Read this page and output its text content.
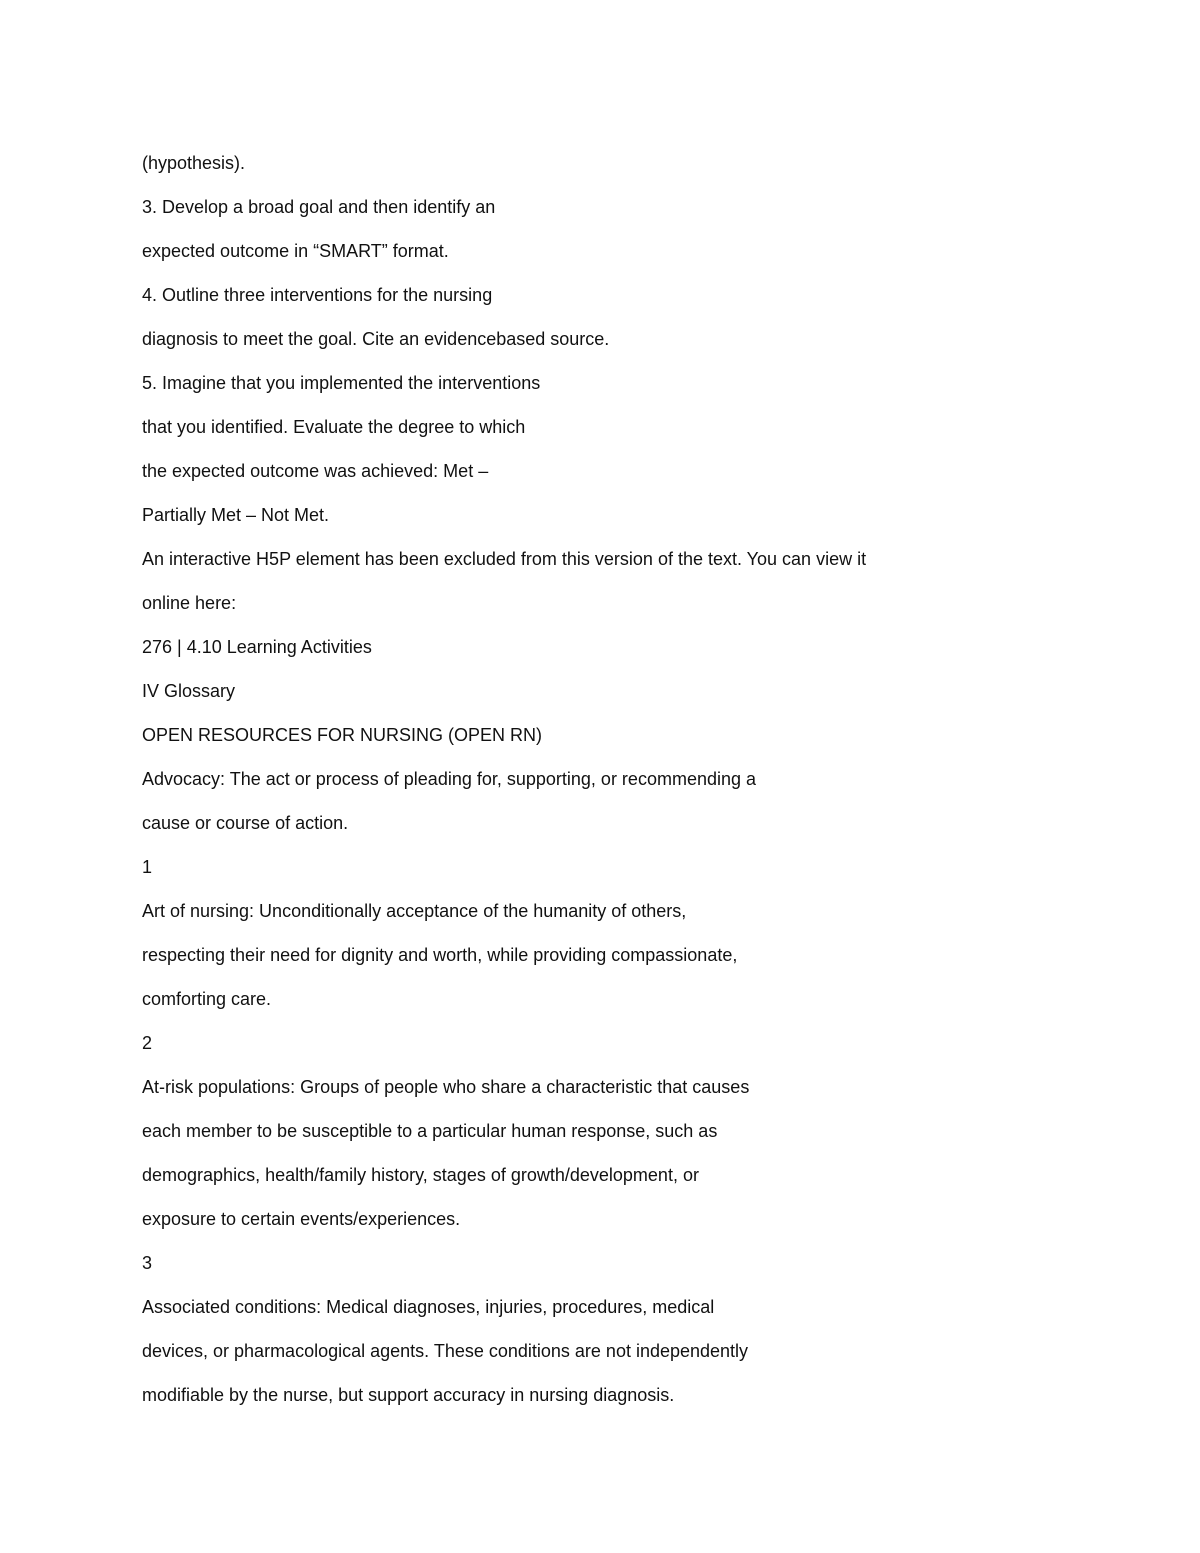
(hypothesis).

3. Develop a broad goal and then identify an

expected outcome in “SMART” format.

4. Outline three interventions for the nursing

diagnosis to meet the goal. Cite an evidencebased source.

5. Imagine that you implemented the interventions

that you identified. Evaluate the degree to which

the expected outcome was achieved: Met –

Partially Met – Not Met.

An interactive H5P element has been excluded from this version of the text. You can view it

online here:

276 | 4.10 Learning Activities

IV Glossary

OPEN RESOURCES FOR NURSING (OPEN RN)

Advocacy: The act or process of pleading for, supporting, or recommending a

cause or course of action.

1

Art of nursing: Unconditionally acceptance of the humanity of others,

respecting their need for dignity and worth, while providing compassionate,

comforting care.

2

At-risk populations: Groups of people who share a characteristic that causes

each member to be susceptible to a particular human response, such as

demographics, health/family history, stages of growth/development, or

exposure to certain events/experiences.

3

Associated conditions: Medical diagnoses, injuries, procedures, medical

devices, or pharmacological agents. These conditions are not independently

modifiable by the nurse, but support accuracy in nursing diagnosis.
